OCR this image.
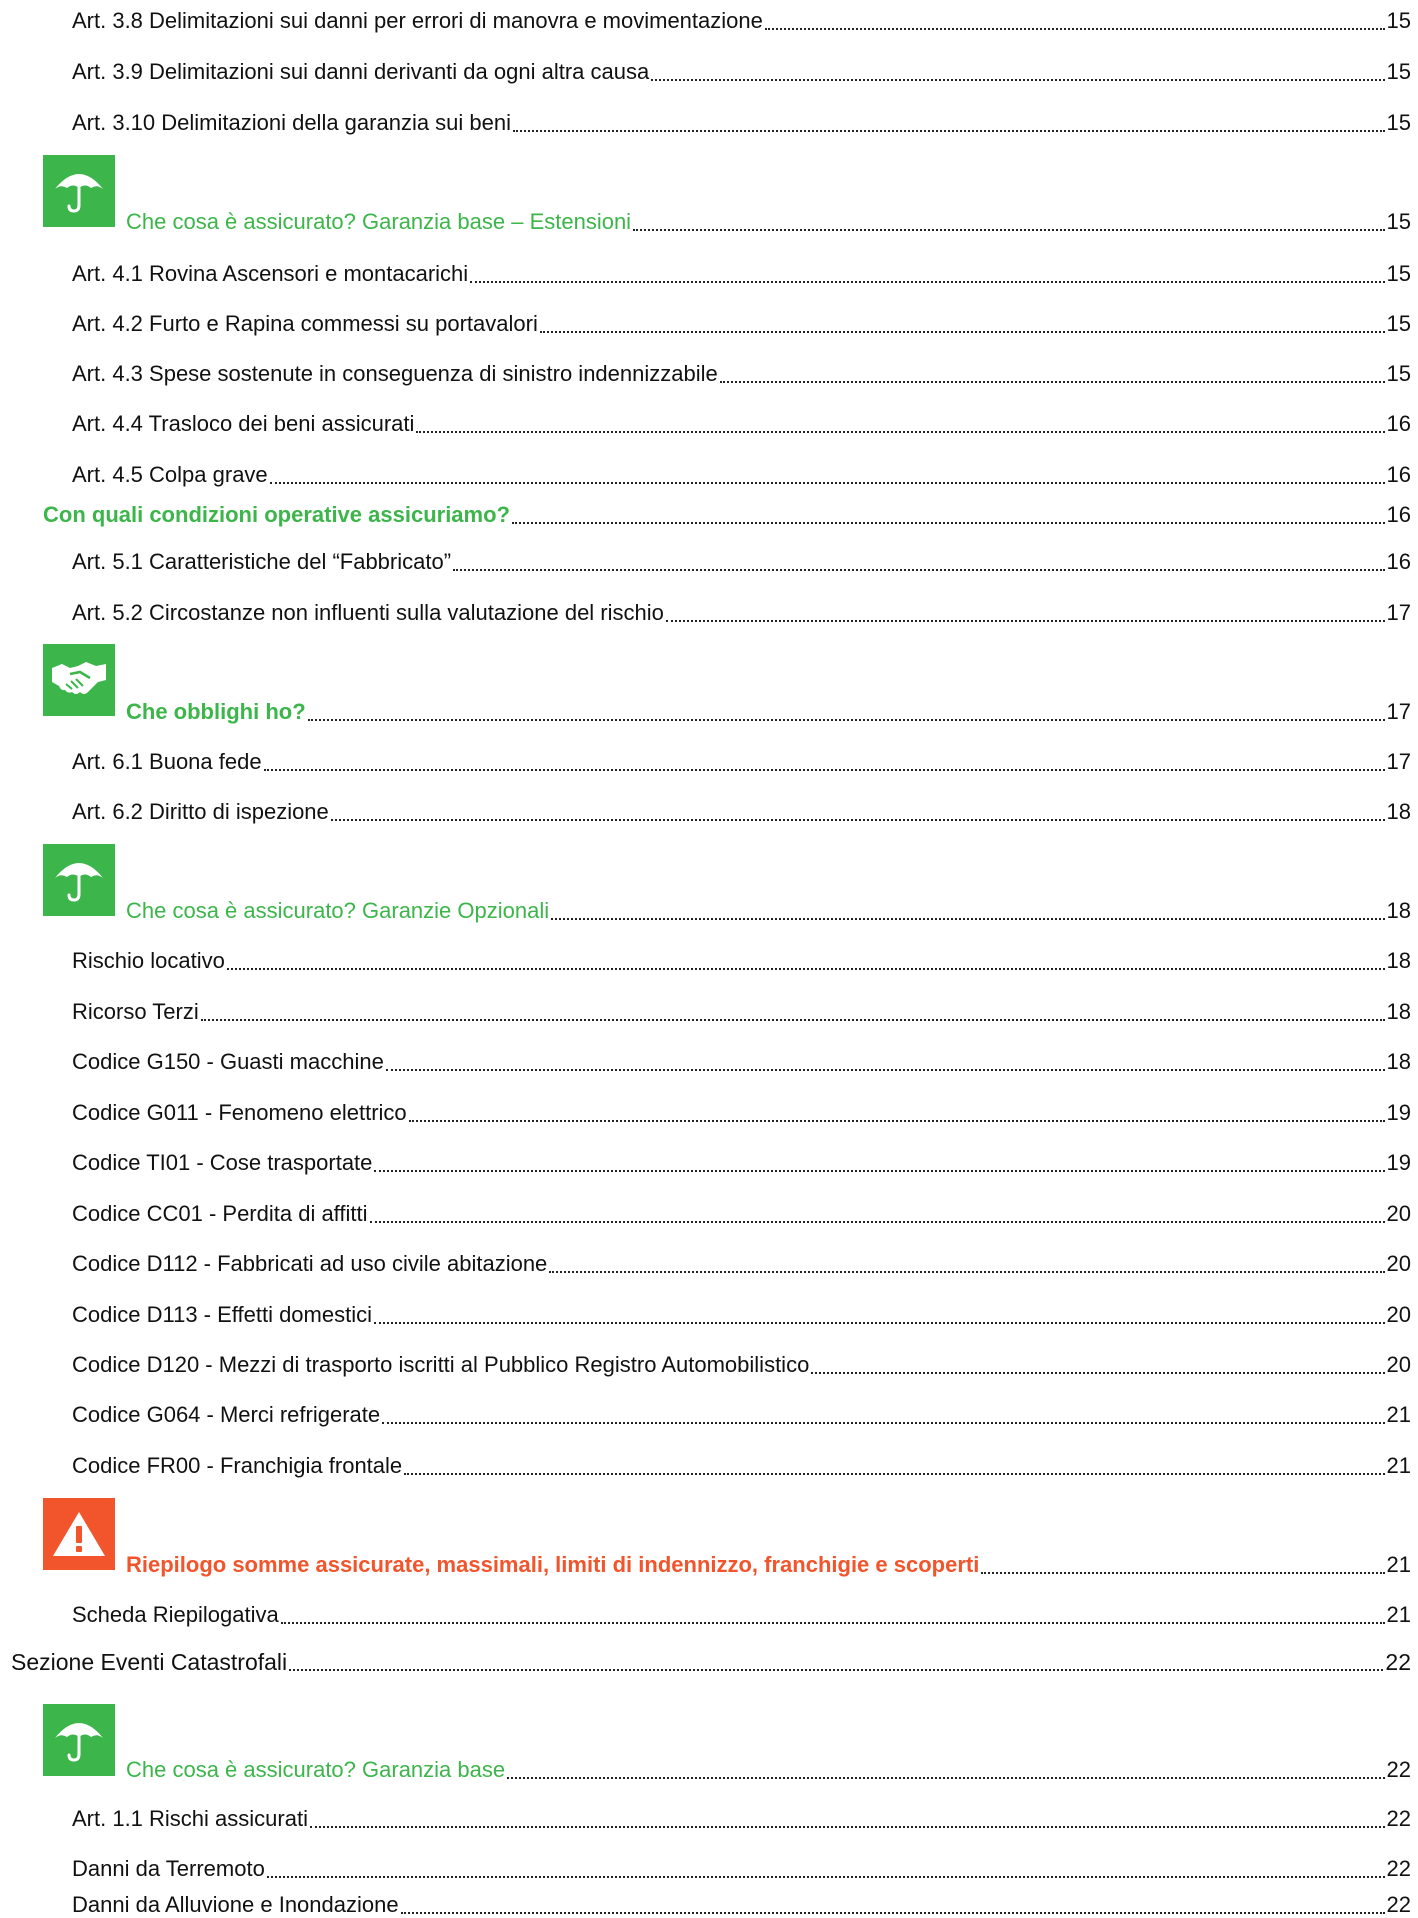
Art. 3.8 Delimitazioni sui danni per errori di manovra e movimentazione	15
Art. 3.9 Delimitazioni sui danni derivanti da ogni altra causa	15
Art. 3.10 Delimitazioni della garanzia sui beni	15
Che cosa è assicurato? Garanzia base – Estensioni	15
Art. 4.1 Rovina Ascensori e montacarichi	15
Art. 4.2 Furto e Rapina commessi su portavalori	15
Art. 4.3 Spese sostenute in conseguenza di sinistro indennizzabile	15
Art. 4.4 Trasloco dei beni assicurati	16
Art. 4.5 Colpa grave	16
Con quali condizioni operative assicuriamo?	16
Art. 5.1 Caratteristiche del “Fabbricato”	16
Art. 5.2 Circostanze non influenti sulla valutazione del rischio	17
Che obblighi ho?	17
Art. 6.1 Buona fede	17
Art. 6.2 Diritto di ispezione	18
Che cosa è assicurato? Garanzie Opzionali	18
Rischio locativo	18
Ricorso Terzi	18
Codice G150 - Guasti macchine	18
Codice G011 - Fenomeno elettrico	19
Codice TI01 - Cose trasportate	19
Codice CC01 - Perdita di affitti	20
Codice D112 - Fabbricati ad uso civile abitazione	20
Codice D113 - Effetti domestici	20
Codice D120 - Mezzi di trasporto iscritti al Pubblico Registro Automobilistico	20
Codice G064 - Merci refrigerate	21
Codice FR00 - Franchigia frontale	21
Riepilogo somme assicurate, massimali, limiti di indennizzo, franchigie e scoperti	21
Scheda Riepilogativa	21
Sezione Eventi Catastrofali	22
Che cosa è assicurato? Garanzia base	22
Art. 1.1 Rischi assicurati	22
Danni da Terremoto	22
Danni da Alluvione e Inondazione	22
